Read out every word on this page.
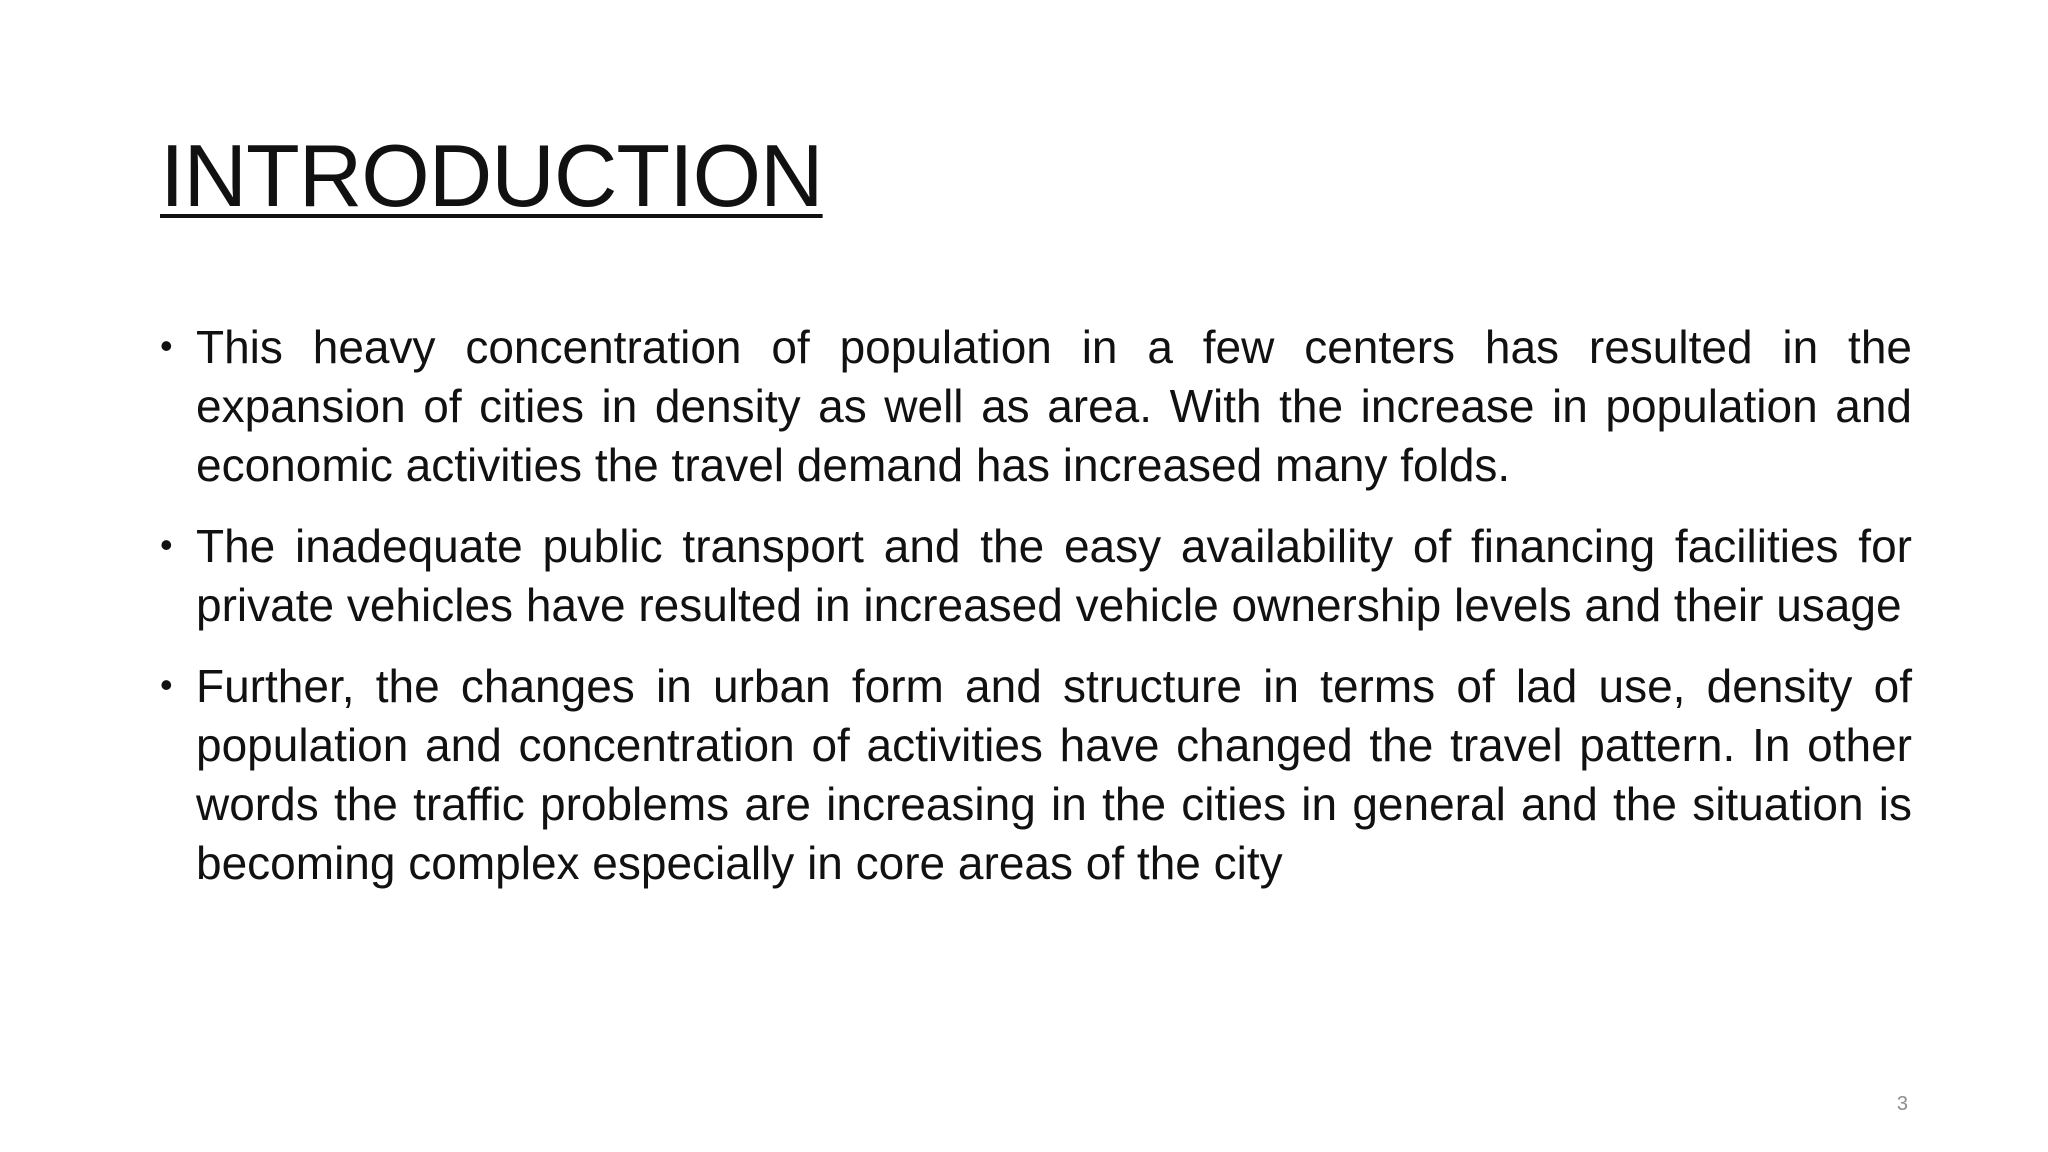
INTRODUCTION
• This heavy concentration of population in a few centers has resulted in the expansion of cities in density as well as area. With the increase in population and economic activities the travel demand has increased many folds.
• The inadequate public transport and the easy availability of financing facilities for private vehicles have resulted in increased vehicle ownership levels and their usage
• Further, the changes in urban form and structure in terms of lad use, density of population and concentration of activities have changed the travel pattern. In other words the traffic problems are increasing in the cities in general and the situation is becoming complex especially in core areas of the city

3
